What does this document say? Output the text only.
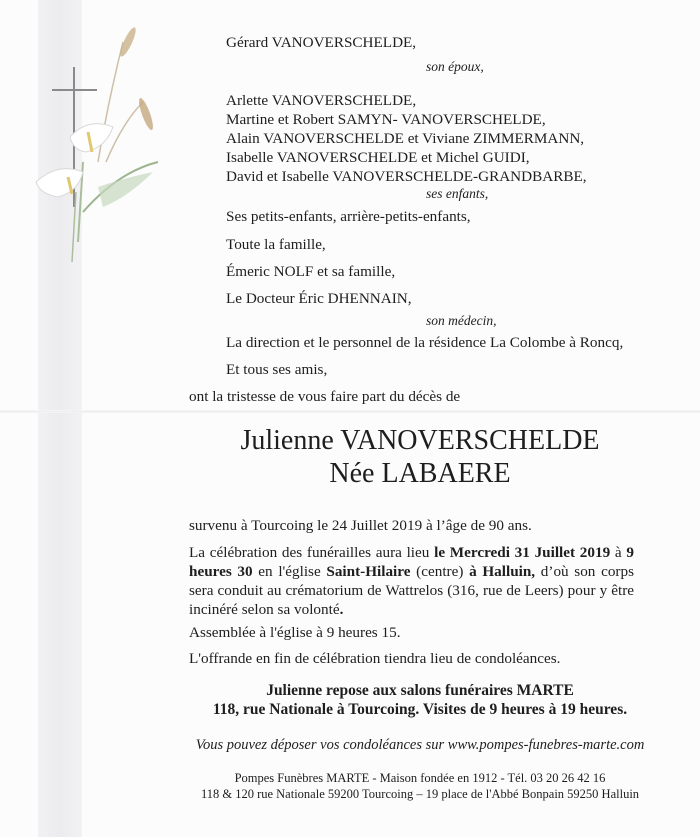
Gérard VANOVERSCHELDE,
son époux,
Arlette VANOVERSCHELDE,
Martine et Robert SAMYN- VANOVERSCHELDE,
Alain VANOVERSCHELDE et Viviane ZIMMERMANN,
Isabelle VANOVERSCHELDE et Michel GUIDI,
David et Isabelle VANOVERSCHELDE-GRANDBARBE,
ses enfants,
Ses petits-enfants, arrière-petits-enfants,
Toute la famille,
Émeric NOLF et sa famille,
Le Docteur Éric DHENNAIN,
son médecin,
La direction et le personnel de la résidence La Colombe à Roncq,
Et tous ses amis,
ont la tristesse de vous faire part du décès de
Julienne VANOVERSCHELDE
Née LABAERE
survenu à Tourcoing le 24 Juillet 2019 à l’âge de 90 ans.
La célébration des funérailles aura lieu le Mercredi 31 Juillet 2019 à 9 heures 30 en l'église Saint-Hilaire (centre) à Halluin, d’où son corps sera conduit au crématorium de Wattrelos (316, rue de Leers) pour y être incinéré selon sa volonté.
Assemblée à l'église à 9 heures 15.
L'offrande en fin de célébration tiendra lieu de condoléances.
Julienne repose aux salons funéraires MARTE
118, rue Nationale à Tourcoing. Visites de 9 heures à 19 heures.
Vous pouvez déposer vos condoléances sur www.pompes-funebres-marte.com
Pompes Funèbres MARTE - Maison fondée en 1912 - Tél. 03 20 26 42 16
118 & 120 rue Nationale 59200 Tourcoing – 19 place de l'Abbé Bonpain 59250 Halluin
